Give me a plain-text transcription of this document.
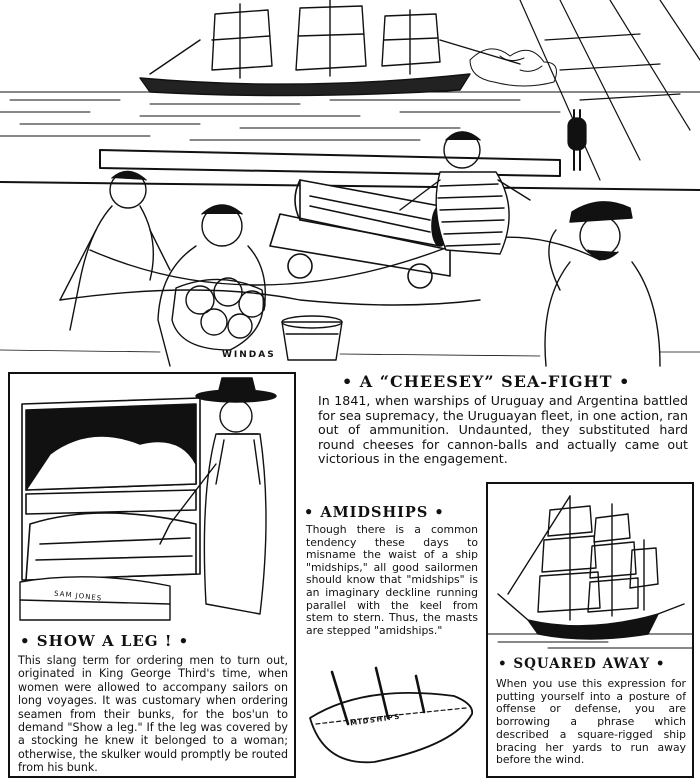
WINDAS
• A “CHEESEY” SEA-FIGHT •
In 1841, when warships of Uruguay and Argentina battled for sea supremacy, the Uruguayan fleet, in one action, ran out of ammunition. Undaunted, they substituted hard round cheeses for cannon-balls and actually came out victorious in the engagement.
SAM JONES
• SHOW A LEG ! •
This slang term for ordering men to turn out, originated in King George Third's time, when women were allowed to accompany sailors on long voyages. It was customary when ordering seamen from their bunks, for the bos'un to demand "Show a leg." If the leg was covered by a stocking he knew it belonged to a woman; otherwise, the skulker would promptly be routed from his bunk.
• AMIDSHIPS •
Though there is a common tendency these days to misname the waist of a ship "midships," all good sailormen should know that "midships" is an imaginary deckline running parallel with the keel from stem to stern. Thus, the masts are stepped "amidships."
MIDSHIPS
• SQUARED AWAY •
When you use this expression for putting yourself into a posture of offense or defense, you are borrowing a phrase which described a square-rigged ship bracing her yards to run away before the wind.
